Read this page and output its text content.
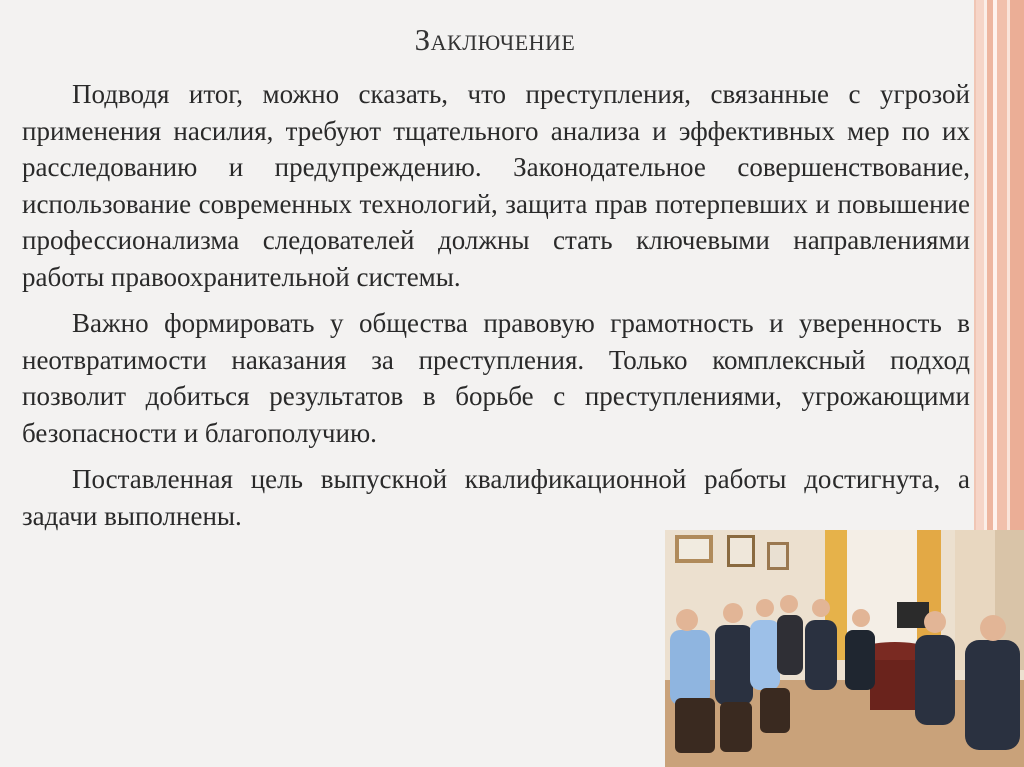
Заключение

Подводя итог, можно сказать, что преступления, связанные с угрозой применения насилия, требуют тщательного анализа и эффективных мер по их расследованию и предупреждению. Законодательное совершенствование, использование современных технологий, защита прав потерпевших и повышение профессионализма следователей должны стать ключевыми направлениями работы правоохранительной системы.

Важно формировать у общества правовую грамотность и уверенность в неотвратимости наказания за преступления. Только комплексный подход позволит добиться результатов в борьбе с преступлениями, угрожающими безопасности и благополучию.

Поставленная цель выпускной квалификационной работы достигнута, а задачи выполнены.
